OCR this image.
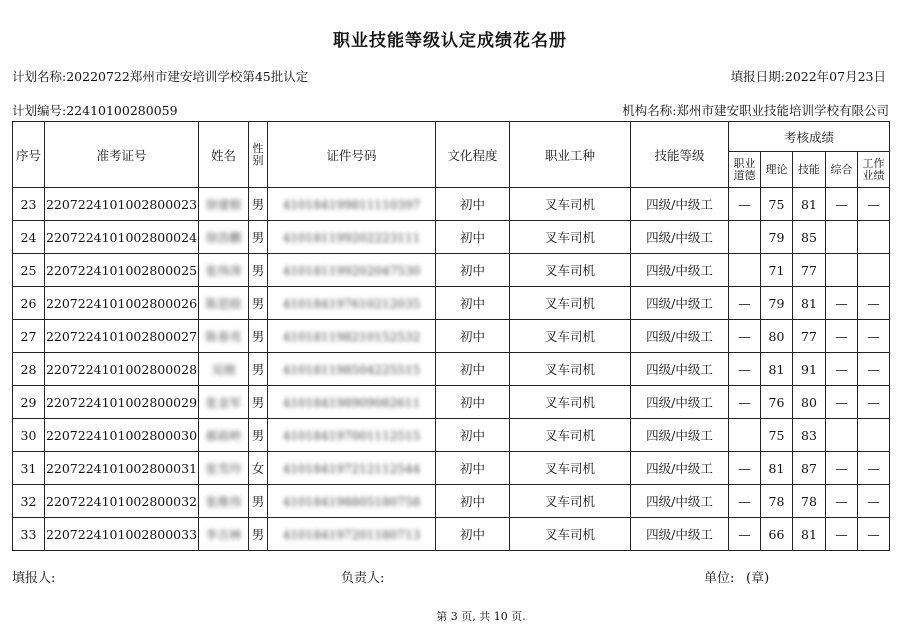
职业技能等级认定成绩花名册
计划名称:20220722郑州市建安培训学校第45批认定	填报日期:2022年07月23日
计划编号:22410100280059	机构名称:郑州市建安职业技能培训学校有限公司
序号	准考证号	姓名	性别	证件号码	文化程度	职业工种	技能等级	考核成绩				
								职业道德	理论	技能	综合	工作业绩
23	2207224101002800023	徐建根	男	410184199811110397	初中	叉车司机	四级/中级工	—	75	81	—	—
24	2207224101002800024	徐浩鹏	男	410181199202223111	初中	叉车司机	四级/中级工		79	85		
25	2207224101002800025	张伟涛	男	410181199202047530	初中	叉车司机	四级/中级工		71	77		
26	2207224101002800026	陈思晗	男	410184197610212035	初中	叉车司机	四级/中级工	—	79	81	—	—
27	2207224101002800027	陈春亮	男	410181198210152532	初中	叉车司机	四级/中级工	—	80	77	—	—
28	2207224101002800028	吴刚	男	410181198504225515	初中	叉车司机	四级/中级工	—	81	91	—	—
29	2207224101002800029	张金军	男	410184198909082611	初中	叉车司机	四级/中级工	—	76	80	—	—
30	2207224101002800030	郝前岭	男	410184197001112515	初中	叉车司机	四级/中级工		75	83		
31	2207224101002800031	张雪玲	女	410184197212112544	初中	叉车司机	四级/中级工	—	81	87	—	—
32	2207224101002800032	张维伟	男	410184198805180758	初中	叉车司机	四级/中级工	—	78	78	—	—
33	2207224101002800033	李吉林	男	410184197201180713	初中	叉车司机	四级/中级工	—	66	81	—	—
填报人:	负责人:	单位: (章)
第 3 页, 共 10 页.
